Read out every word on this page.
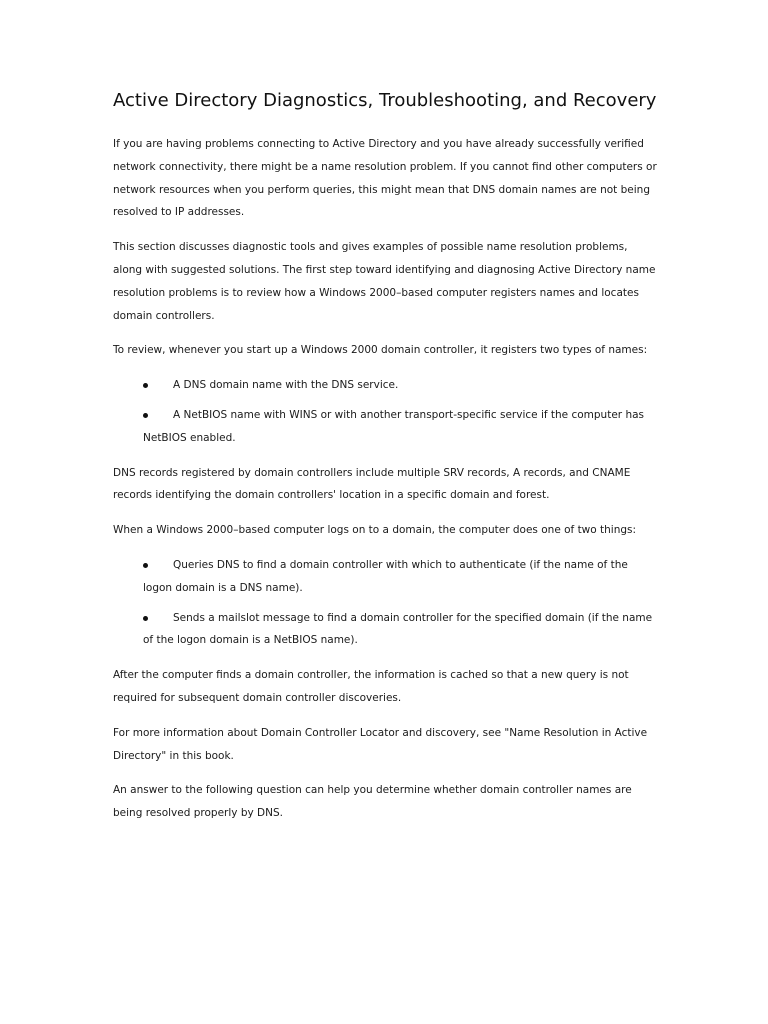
Active Directory Diagnostics, Troubleshooting, and Recovery

If you are having problems connecting to Active Directory and you have already successfully verified network connectivity, there might be a name resolution problem. If you cannot find other computers or network resources when you perform queries, this might mean that DNS domain names are not being resolved to IP addresses.

This section discusses diagnostic tools and gives examples of possible name resolution problems, along with suggested solutions. The first step toward identifying and diagnosing Active Directory name resolution problems is to review how a Windows 2000–based computer registers names and locates domain controllers.

To review, whenever you start up a Windows 2000 domain controller, it registers two types of names:

A DNS domain name with the DNS service.
A NetBIOS name with WINS or with another transport-specific service if the computer has NetBIOS enabled.

DNS records registered by domain controllers include multiple SRV records, A records, and CNAME records identifying the domain controllers' location in a specific domain and forest.

When a Windows 2000–based computer logs on to a domain, the computer does one of two things:

Queries DNS to find a domain controller with which to authenticate (if the name of the logon domain is a DNS name).
Sends a mailslot message to find a domain controller for the specified domain (if the name of the logon domain is a NetBIOS name).

After the computer finds a domain controller, the information is cached so that a new query is not required for subsequent domain controller discoveries.

For more information about Domain Controller Locator and discovery, see "Name Resolution in Active Directory" in this book.

An answer to the following question can help you determine whether domain controller names are being resolved properly by DNS.
